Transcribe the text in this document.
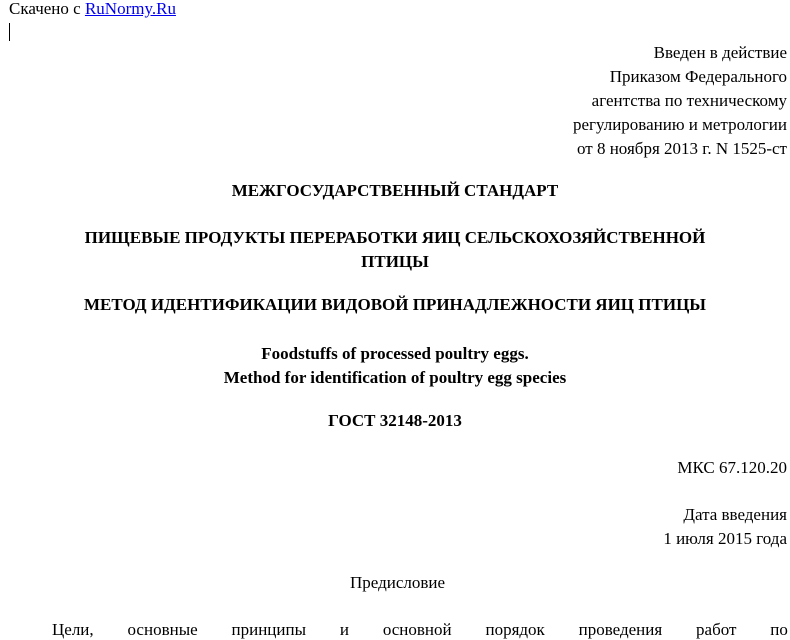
Скачено с RuNormy.Ru
Введен в действие
Приказом Федерального
агентства по техническому
регулированию и метрологии
от 8 ноября 2013 г. N 1525-ст
МЕЖГОСУДАРСТВЕННЫЙ СТАНДАРТ
ПИЩЕВЫЕ ПРОДУКТЫ ПЕРЕРАБОТКИ ЯИЦ СЕЛЬСКОХОЗЯЙСТВЕННОЙ
ПТИЦЫ
МЕТОД ИДЕНТИФИКАЦИИ ВИДОВОЙ ПРИНАДЛЕЖНОСТИ ЯИЦ ПТИЦЫ
Foodstuffs of processed poultry eggs.
Method for identification of poultry egg species
ГОСТ 32148-2013
МКС 67.120.20
Дата введения
1 июля 2015 года
Предисловие
Цели, основные принципы и основной порядок проведения работ по
